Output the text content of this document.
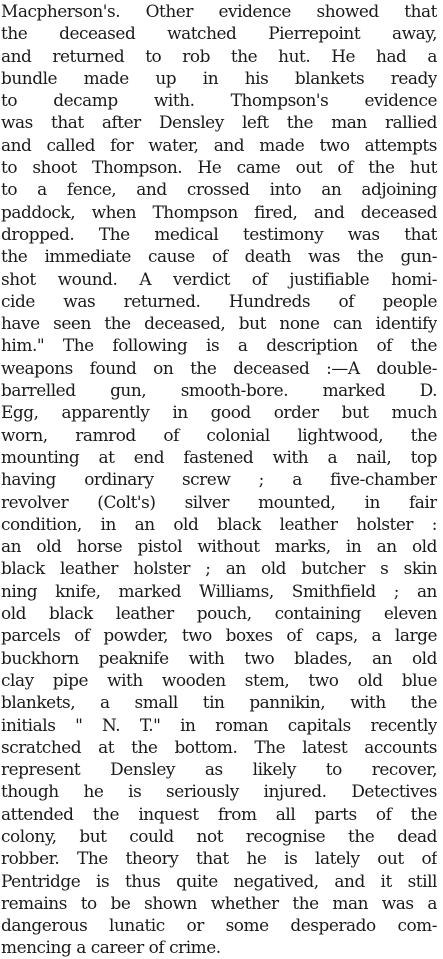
Macpherson's. Other evidence showed that
the deceased watched Pierrepoint away,
and returned to rob the hut. He had a
bundle made up in his blankets ready
to decamp with. Thompson's evidence
was that after Densley left the man rallied
and called for water, and made two attempts
to shoot Thompson. He came out of the hut
to a fence, and crossed into an adjoining
paddock, when Thompson fired, and deceased
dropped. The medical testimony was that
the immediate cause of death was the gun-
shot wound. A verdict of justifiable homi-
cide was returned. Hundreds of people
have seen the deceased, but none can identify
him." The following is a description of the
weapons found on the deceased :—A double-
barrelled gun, smooth-bore. marked D.
Egg, apparently in good order but much
worn, ramrod of colonial lightwood, the
mounting at end fastened with a nail, top
having ordinary screw ; a five-chamber
revolver (Colt's) silver mounted, in fair
condition, in an old black leather holster :
an old horse pistol without marks, in an old
black leather holster ; an old butcher s skin
ning knife, marked Williams, Smithfield ; an
old black leather pouch, containing eleven
parcels of powder, two boxes of caps, a large
buckhorn peaknife with two blades, an old
clay pipe with wooden stem, two old blue
blankets, a small tin pannikin, with the
initials " N. T." in roman capitals recently
scratched at the bottom. The latest accounts
represent Densley as likely to recover,
though he is seriously injured. Detectives
attended the inquest from all parts of the
colony, but could not recognise the dead
robber. The theory that he is lately out of
Pentridge is thus quite negatived, and it still
remains to be shown whether the man was a
dangerous lunatic or some desperado com-
mencing a career of crime.
